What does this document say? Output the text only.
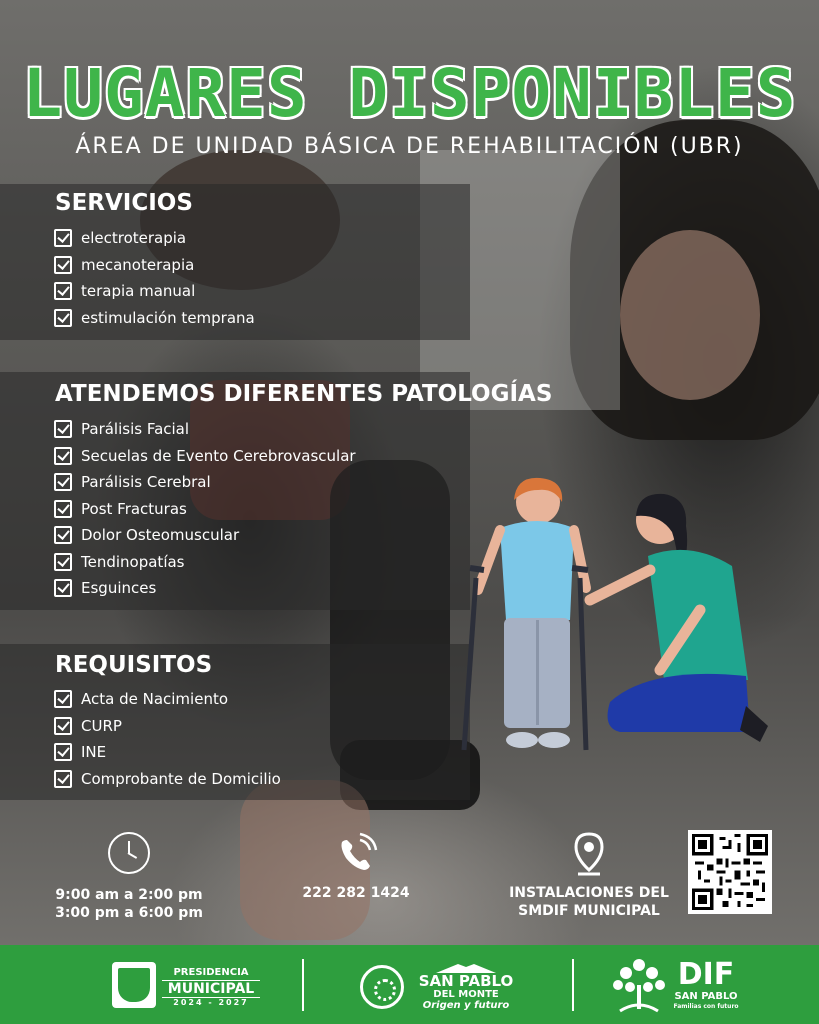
LUGARES DISPONIBLES
ÁREA DE UNIDAD BÁSICA DE REHABILITACIÓN (UBR)
SERVICIOS
electroterapia
mecanoterapia
terapia manual
estimulación temprana
ATENDEMOS DIFERENTES PATOLOGÍAS
Parálisis Facial
Secuelas de Evento Cerebrovascular
Parálisis Cerebral
Post Fracturas
Dolor Osteomuscular
Tendinopatías
Esguinces
REQUISITOS
Acta de Nacimiento
CURP
INE
Comprobante de Domicilio
9:00 am a 2:00 pm
3:00 pm a 6:00 pm
222 282 1424	INSTALACIONES DEL
SMDIF MUNICIPAL
PRESIDENCIA
MUNICIPAL
2024 - 2027
SAN PABLO
DEL MONTE
Origen y futuro
DIF
SAN PABLO
Familias con futuro
